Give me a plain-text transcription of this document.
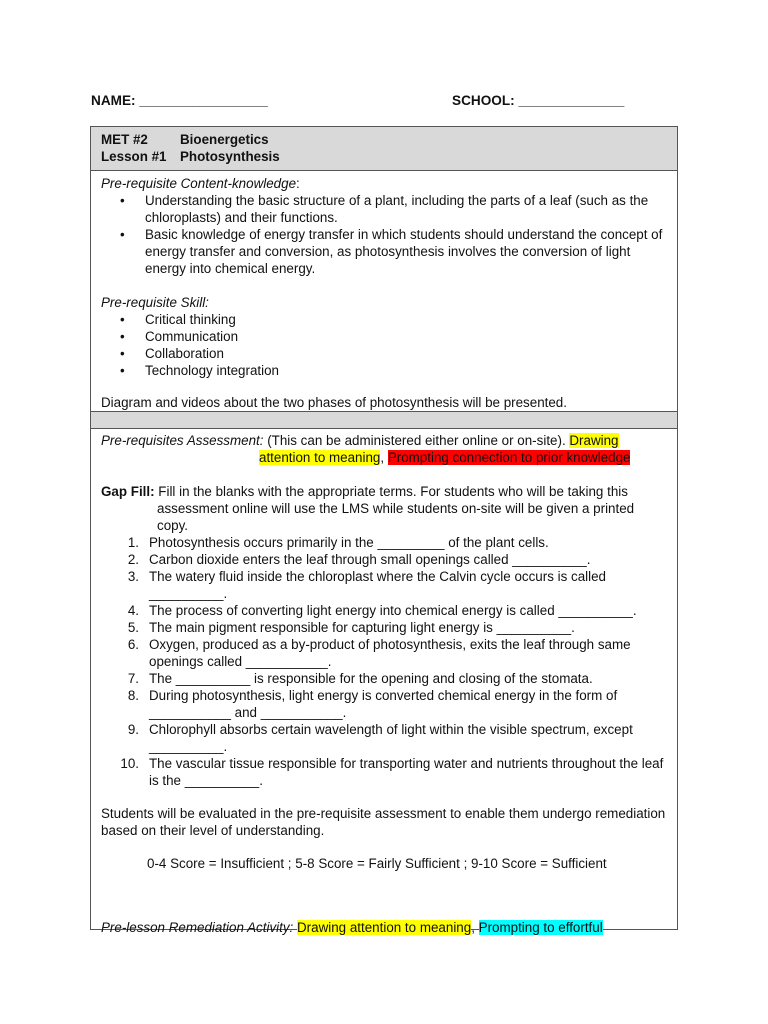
NAME: _________________	SCHOOL: ______________
MET #2	Bioenergetics
Lesson #1	Photosynthesis
Pre-requisite Content-knowledge:
• Understanding the basic structure of a plant, including the parts of a leaf (such as the chloroplasts) and their functions.
• Basic knowledge of energy transfer in which students should understand the concept of energy transfer and conversion, as photosynthesis involves the conversion of light energy into chemical energy.
Pre-requisite Skill:
• Critical thinking
• Communication
• Collaboration
• Technology integration
Diagram and videos about the two phases of photosynthesis will be presented.
Pre-requisites Assessment: (This can be administered either online or on-site). Drawing
attention to meaning, Prompting connection to prior knowledge
Gap Fill: Fill in the blanks with the appropriate terms. For students who will be taking this assessment online will use the LMS while students on-site will be given a printed copy.
1. Photosynthesis occurs primarily in the _________ of the plant cells.
2. Carbon dioxide enters the leaf through small openings called __________.
3. The watery fluid inside the chloroplast where the Calvin cycle occurs is called __________.
4. The process of converting light energy into chemical energy is called __________.
5. The main pigment responsible for capturing light energy is __________.
6. Oxygen, produced as a by-product of photosynthesis, exits the leaf through same openings called ___________.
7. The __________ is responsible for the opening and closing of the stomata.
8. During photosynthesis, light energy is converted chemical energy in the form of ___________ and ___________.
9. Chlorophyll absorbs certain wavelength of light within the visible spectrum, except __________.
10. The vascular tissue responsible for transporting water and nutrients throughout the leaf is the __________.
Students will be evaluated in the pre-requisite assessment to enable them undergo remediation based on their level of understanding.
0-4 Score = Insufficient ; 5-8 Score = Fairly Sufficient ; 9-10 Score = Sufficient
Pre-lesson Remediation Activity: Drawing attention to meaning, Prompting to effortful
